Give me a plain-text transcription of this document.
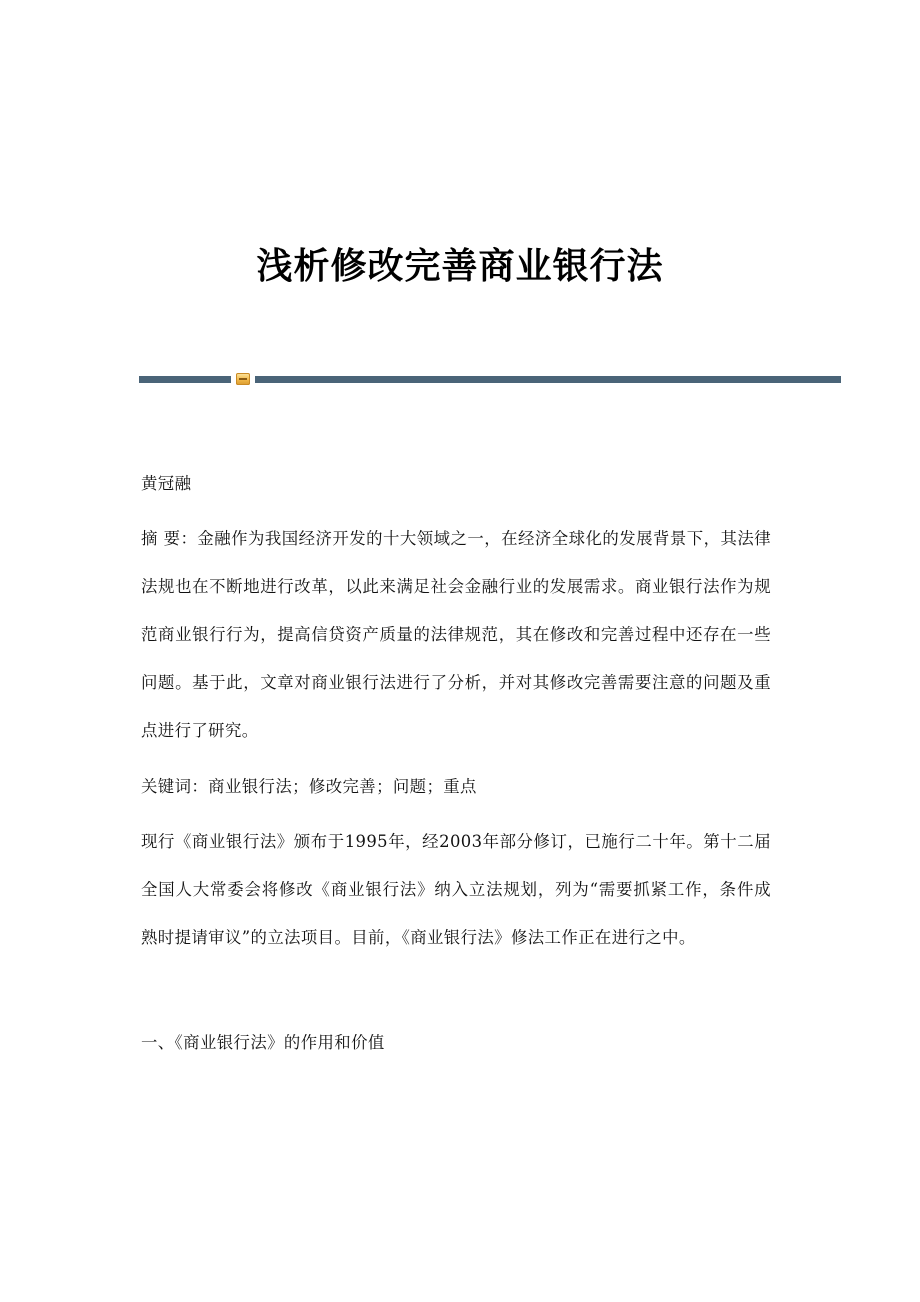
浅析修改完善商业银行法

黄冠融

摘 要：金融作为我国经济开发的十大领域之一，在经济全球化的发展背景下，其法律法规也在不断地进行改革，以此来满足社会金融行业的发展需求。商业银行法作为规范商业银行行为，提高信贷资产质量的法律规范，其在修改和完善过程中还存在一些问题。基于此，文章对商业银行法进行了分析，并对其修改完善需要注意的问题及重点进行了研究。

关键词：商业银行法；修改完善；问题；重点

现行《商业银行法》颁布于1995年，经2003年部分修订，已施行二十年。第十二届全国人大常委会将修改《商业银行法》纳入立法规划，列为“需要抓紧工作，条件成熟时提请审议”的立法项目。目前，《商业银行法》修法工作正在进行之中。

一、《商业银行法》的作用和价值
